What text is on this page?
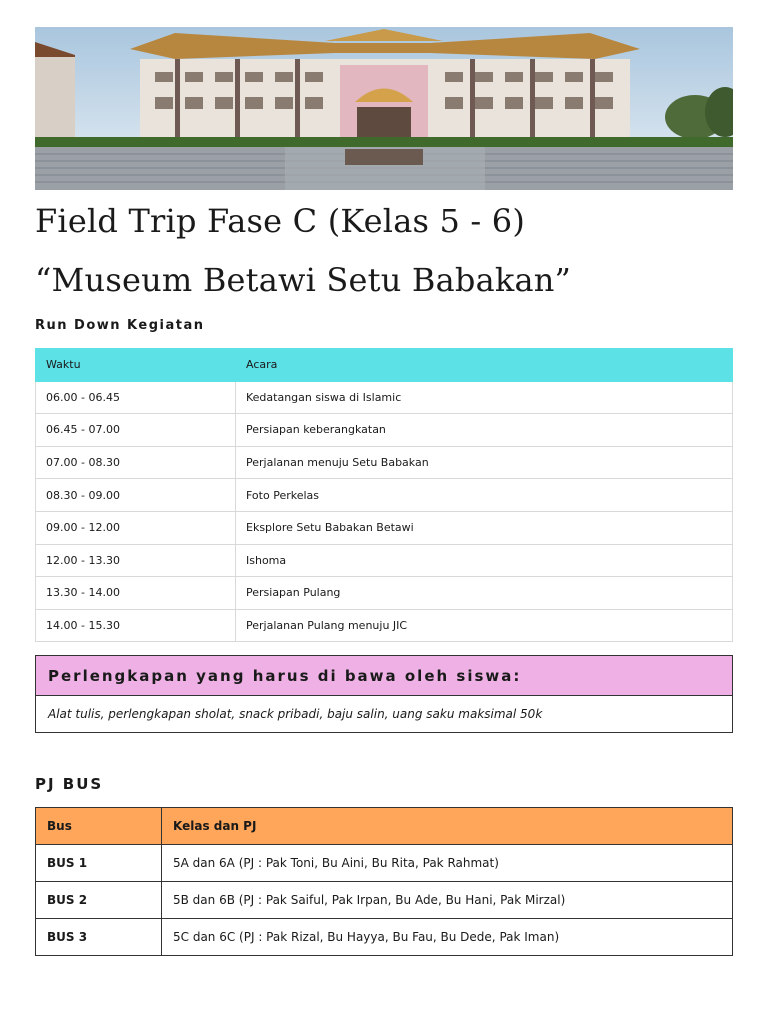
Field Trip Fase C (Kelas 5 - 6)
“Museum Betawi Setu Babakan”
Run Down Kegiatan
Waktu	Acara
06.00 - 06.45	Kedatangan siswa di Islamic
06.45 - 07.00	Persiapan keberangkatan
07.00 - 08.30	Perjalanan menuju Setu Babakan
08.30 - 09.00	Foto Perkelas
09.00 - 12.00	Eksplore Setu Babakan Betawi
12.00 - 13.30	Ishoma
13.30 - 14.00	Persiapan Pulang
14.00 - 15.30	Perjalanan Pulang menuju JIC
Perlengkapan yang harus di bawa oleh siswa:
Alat tulis, perlengkapan sholat, snack pribadi, baju salin, uang saku maksimal 50k
PJ BUS
Bus	Kelas dan PJ
BUS 1	5A dan 6A (PJ : Pak Toni, Bu Aini, Bu Rita, Pak Rahmat)
BUS 2	5B dan 6B (PJ : Pak Saiful, Pak Irpan, Bu Ade, Bu Hani, Pak Mirzal)
BUS 3	5C dan 6C (PJ : Pak Rizal, Bu Hayya, Bu Fau, Bu Dede, Pak Iman)
